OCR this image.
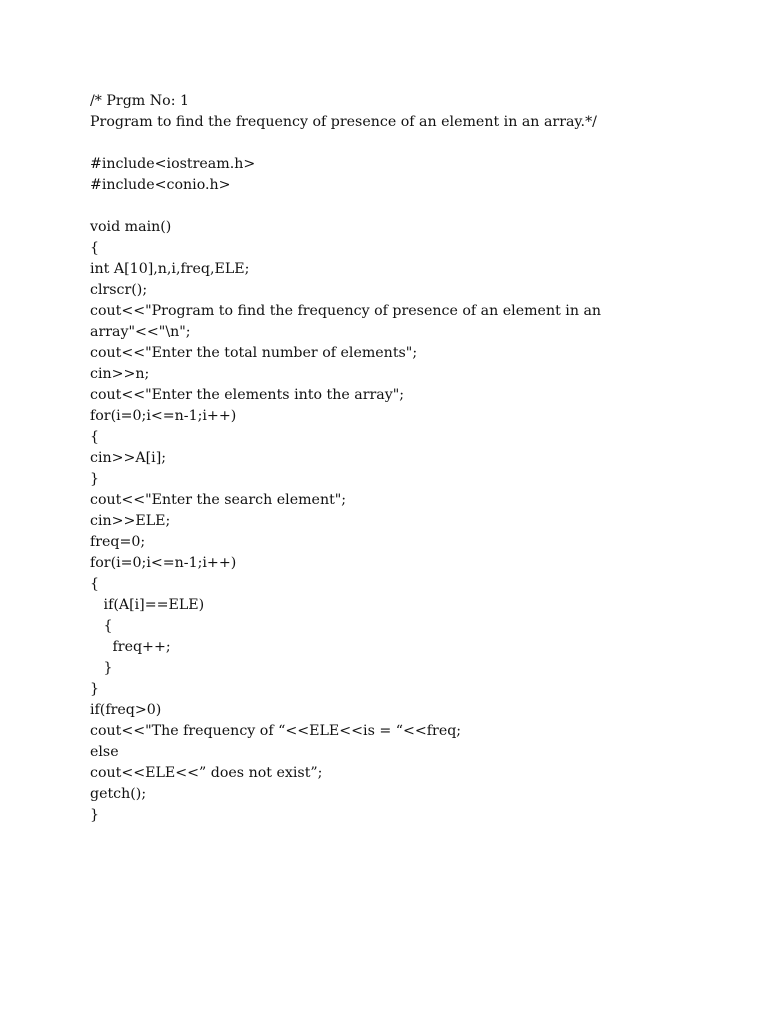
/* Prgm No: 1
Program to find the frequency of presence of an element in an array.*/
#include<iostream.h>
#include<conio.h>
void main()
{
int A[10],n,i,freq,ELE;
clrscr();
cout<<"Program to find the frequency of presence of an element in an
array"<<"\n";
cout<<"Enter the total number of elements";
cin>>n;
cout<<"Enter the elements into the array";
for(i=0;i<=n-1;i++)
{
cin>>A[i];
}
cout<<"Enter the search element";
cin>>ELE;
freq=0;
for(i=0;i<=n-1;i++)
{
if(A[i]==ELE)
{
freq++;
}
}
if(freq>0)
cout<<"The frequency of “<<ELE<<is = “<<freq;
else
cout<<ELE<<” does not exist”;
getch();
}
